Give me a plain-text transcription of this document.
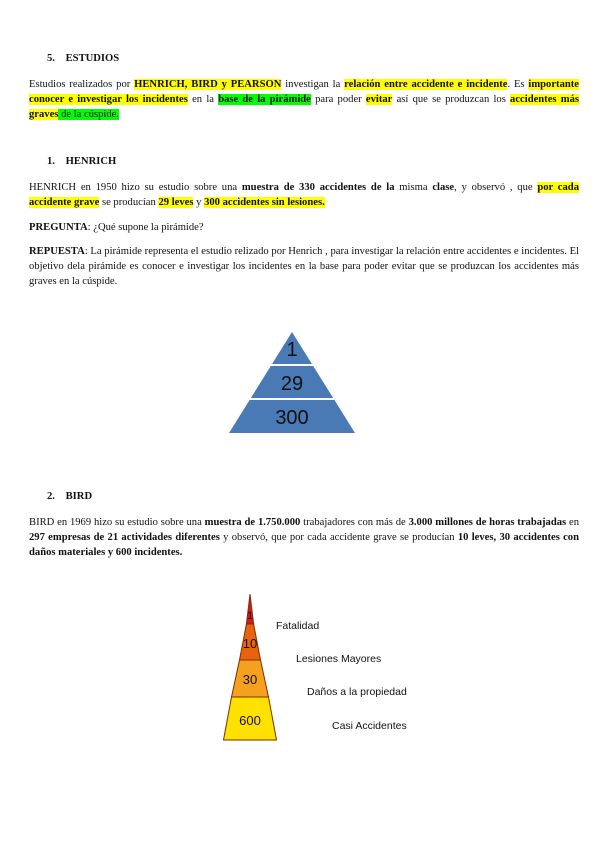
5. ESTUDIOS

Estudios realizados por HENRICH, BIRD y PEARSON investigan la relación entre accidente e incidente. Es importante conocer e investigar los incidentes en la base de la pirámide para poder evitar así que se produzcan los accidentes más graves de la cúspide.

1. HENRICH

HENRICH en 1950 hizo su estudio sobre una muestra de 330 accidentes de la misma clase, y observó , que por cada accidente grave se producían 29 leves y 300 accidentes sin lesiones.

PREGUNTA: ¿Qué supone la pirámide?

REPUESTA: La pirámide representa el estudio relizado por Henrich , para investigar la relación entre accidentes e incidentes. El objetivo dela pirámide es conocer e investigar los incidentes en la base para poder evitar que se produzcan los accidentes más graves en la cúspide.

1
29
300
2. BIRD

BIRD en 1969 hizo su estudio sobre una muestra de 1.750.000 trabajadores con más de 3.000 millones de horas trabajadas en 297 empresas de 21 actividades diferentes y observó, que por cada accidente grave se producían 10 leves, 30 accidentes con daños materiales y 600 incidentes.

1
10
30
600
Fatalidad
Lesiones Mayores
Daños a la propiedad
Casi Accidentes
